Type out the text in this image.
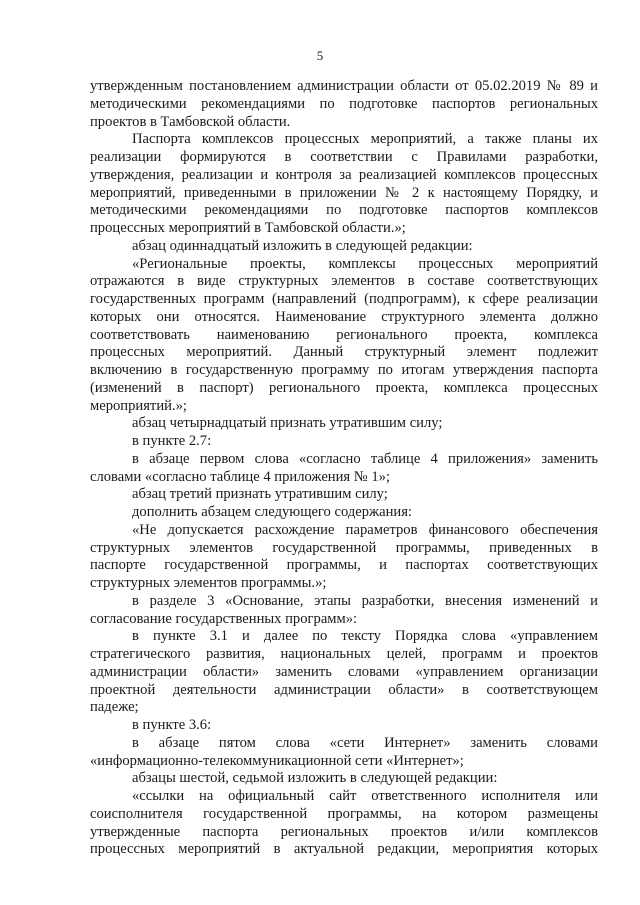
5

утвержденным постановлением администрации области от 05.02.2019 № 89 и

методическими рекомендациями по подготовке паспортов региональных

проектов в Тамбовской области.

Паспорта комплексов процессных мероприятий, а также планы их

реализации формируются в соответствии с Правилами разработки,

утверждения, реализации и контроля за реализацией комплексов процессных

мероприятий, приведенными в приложении № 2 к настоящему Порядку, и

методическими рекомендациями по подготовке паспортов комплексов

процессных мероприятий в Тамбовской области.»;

абзац одиннадцатый изложить в следующей редакции:

«Региональные проекты, комплексы процессных мероприятий

отражаются в виде структурных элементов в составе соответствующих

государственных программ (направлений (подпрограмм), к сфере реализации

которых они относятся. Наименование структурного элемента должно

соответствовать наименованию регионального проекта, комплекса

процессных мероприятий. Данный структурный элемент подлежит

включению в государственную программу по итогам утверждения паспорта

(изменений в паспорт) регионального проекта, комплекса процессных

мероприятий.»;

абзац четырнадцатый признать утратившим силу;

в пункте 2.7:

в абзаце первом слова «согласно таблице 4 приложения» заменить

словами «согласно таблице 4 приложения № 1»;

абзац третий признать утратившим силу;

дополнить абзацем следующего содержания:

«Не допускается расхождение параметров финансового обеспечения

структурных элементов государственной программы, приведенных в

паспорте государственной программы, и паспортах соответствующих

структурных элементов программы.»;

в разделе 3 «Основание, этапы разработки, внесения изменений и

согласование государственных программ»:

в пункте 3.1 и далее по тексту Порядка слова «управлением

стратегического развития, национальных целей, программ и проектов

администрации области» заменить словами «управлением организации

проектной деятельности администрации области» в соответствующем

падеже;

в пункте 3.6:

в абзаце пятом слова «сети Интернет» заменить словами

«информационно-телекоммуникационной сети «Интернет»;

абзацы шестой, седьмой изложить в следующей редакции:

«ссылки на официальный сайт ответственного исполнителя или

соисполнителя государственной программы, на котором размещены

утвержденные паспорта региональных проектов и/или комплексов

процессных мероприятий в актуальной редакции, мероприятия которых
